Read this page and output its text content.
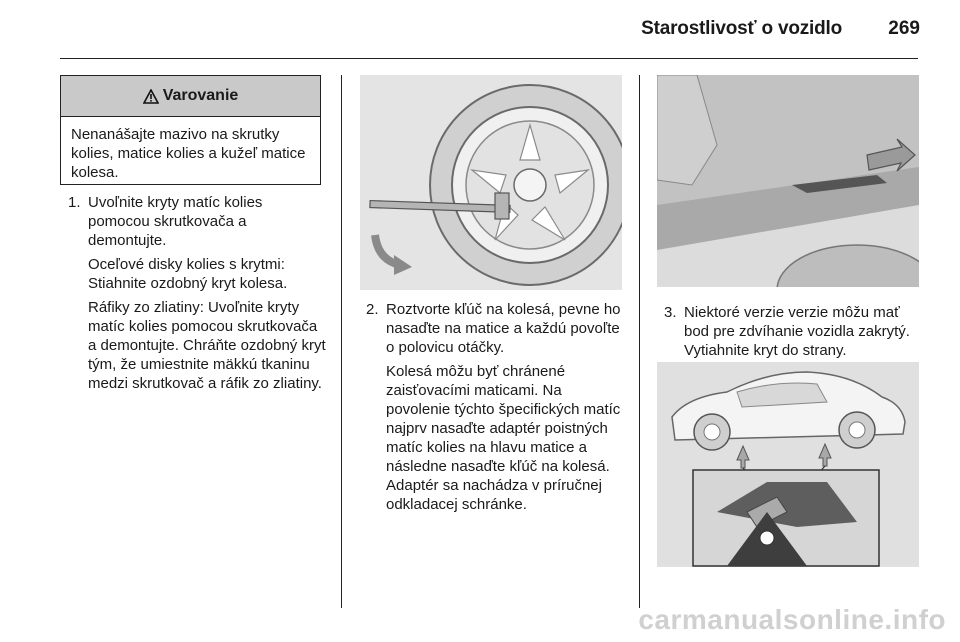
Starostlivosť o vozidlo 269
Varovanie
Nenanášajte mazivo na skrutky kolies, matice kolies a kužeľ matice kolesa.
1. Uvoľnite kryty matíc kolies pomocou skrutkovača a demontujte.
Oceľové disky kolies s krytmi: Stiahnite ozdobný kryt kolesa.
Ráfiky zo zliatiny: Uvoľnite kryty matíc kolies pomocou skrutkovača a demontujte. Chráňte ozdobný kryt tým, že umiestnite mäkkú tkaninu medzi skrutkovač a ráfik zo zliatiny.
2. Roztvorte kľúč na kolesá, pevne ho nasaďte na matice a každú povoľte o polovicu otáčky.
Kolesá môžu byť chránené zaisťovacími maticami. Na povolenie týchto špecifických matíc najprv nasaďte adaptér poistných matíc kolies na hlavu matice a následne nasaďte kľúč na kolesá. Adaptér sa nachádza v príručnej odkladacej schránke.
3. Niektoré verzie verzie môžu mať bod pre zdvíhanie vozidla zakrytý. Vytiahnite kryt do strany.
carmanualsonline.info
